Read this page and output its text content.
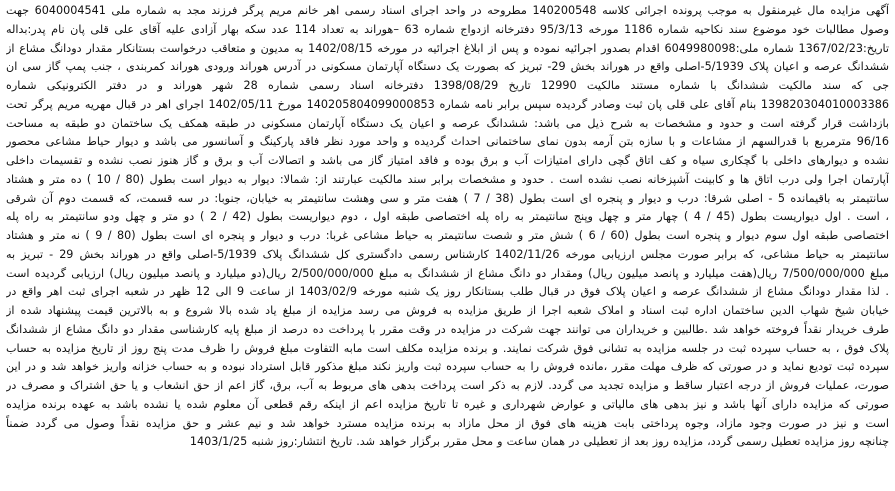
آگهی مزایده مال غیرمنقول به موجب پرونده اجرائی کلاسه 140200548 مطروحه در واحد اجرای اسناد رسمی اهر خانم مریم پرگر فرزند مجد به شماره ملی 6040004541 جهت
وصول مطالبات خود موضوع سند نکاحیه شماره 1186 مورخه 95/3/13 دفترخانه ازدواج شماره 63 –هوراند به تعداد 114 عدد سکه بهار آزادی علیه آقای علی قلی پان نام پدر:بداله
تاریخ:1367/02/23 شماره ملی:6049980098 اقدام بصدور اجرائیه نموده و پس از ابلاغ اجرائیه در مورخه 1402/08/15 به مدیون و متعاقب درخواست بستانکار مقدار دودانگ مشاع از
ششدانگ عرصه و اعیان پلاک 5/1939-اصلی واقع در هوراند بخش 29- تبریز که بصورت یک دستگاه آپارتمان مسکونی در آدرس هوراند ورودی هوراند کمربندی ، جنب پمپ گاز سی ان
جی که سند مالکیت ششدانگ با شماره مستند مالکیت 12990 تاریخ 1398/08/29 دفترخانه اسناد رسمی شماره 28 شهر هوراند و در دفتر الکترونیکی شماره
139820304010003386 بنام آقای علی قلی پان ثبت وصادر گردیده سپس برابر نامه شماره 140205804099000853 مورخ 1402/05/11 اجرای اهر در قبال مهریه مریم پرگر تحت
بازداشت قرار گرفته است و حدود و مشخصات به شرح ذیل می باشد: ششدانگ عرصه و اعیان یک دستگاه آپارتمان مسکونی در طبقه همکف یک ساختمان دو طبقه به مساحت
96/16 مترمربع با قدرالسهم از مشاعات و با سازه بتن آرمه بدون نمای ساختمانی احداث گردیده و واحد مورد نظر فاقد پارکینگ و آسانسور می باشد و دیوار حیاط مشاعی محصور
نشده و دیوارهای داخلی با گچکاری سیاه و کف اتاق گچی دارای امتیازات آب و برق بوده و فاقد امتیاز گاز می باشد و اتصالات آب و برق و گاز هنوز نصب نشده و تقسیمات داخلی
آپارتمان اجرا ولی درب اتاق ها و کابینت آشپزخانه نصب نشده است . حدود و مشخصات برابر سند مالکیت عبارتند از: شمالا: دیوار به دیوار است بطول (80 / 10 ) ده متر و هشتاد
سانتیمتر به باقیمانده 5 - اصلی شرقا: درب و دیوار و پنجره ای است بطول (38 / 7 ) هفت متر و سی وهشت سانتیمتر به خیابان، جنوبا: در سه قسمت، که قسمت دوم آن شرقی
، است . اول دیواریست بطول (45 / 4 ) چهار متر و چهل وپنج سانتیمتر به راه پله اختصاصی طبقه اول ، دوم دیواریست بطول (42 / 2 ) دو متر و چهل ودو سانتیمتر به راه پله
اختصاصی طبقه اول سوم دیوار و پنجره است بطول (60 / 6 ) شش متر و شصت سانتیمتر به حیاط مشاعی غربا: درب و دیوار و پنجره ای است بطول (80 / 9 ) نه متر و هشتاد
سانتیمتر به حیاط مشاعی، که برابر صورت مجلس ارزیابی مورخه 1402/11/26 کارشناس رسمی دادگستری کل ششدانگ پلاک 5/1939-اصلی واقع در هوراند بخش 29 - تبریز به
مبلغ 7/500/000/000 ریال(هفت میلیارد و پانصد میلیون ریال) ومقدار دو دانگ مشاع از ششدانگ به مبلغ 2/500/000/000 ریال(دو میلیارد و پانصد میلیون ریال) ارزیابی گردیده است
. لذا مقدار دودانگ مشاع از ششدانگ عرصه و اعیان پلاک فوق در قبال طلب بستانکار روز یک شنبه مورخه 1403/02/9 از ساعت 9 الی 12 ظهر در شعبه اجرای ثبت اهر واقع در
خیابان شیخ شهاب الدین ساختمان اداره ثبت اسناد و املاک شعبه اجرا از طریق مزایده به فروش می رسد مزایده از مبلغ یاد شده بالا شروع و به بالاترین قیمت پیشنهاد شده از
طرف خریدار نقداً فروخته خواهد شد .طالبین و خریداران می توانند جهت شرکت در مزایده در وقت مقرر با پرداخت ده درصد از مبلغ پایه کارشناسی مقدار دو دانگ مشاع از ششدانگ
پلاک فوق ، به حساب سپرده ثبت در جلسه مزایده به تشانی فوق شرکت نمایند. و برنده مزایده مکلف است مابه التفاوت مبلغ فروش را ظرف مدت پنج روز از تاریخ مزایده به حساب
سپرده ثبت تودیع نماید و در صورتی که ظرف مهلت مقرر ،مانده فروش را به حساب سپرده ثبت واریز نکند مبلغ مذکور قابل استرداد نبوده و به حساب خزانه واریز خواهد شد و در این
صورت، عملیات فروش از درجه اعتبار ساقط و مزایده تجدید می گردد. لازم به ذکر است پرداخت بدهی های مربوط به آب، برق، گاز اعم از حق انشعاب و یا حق اشتراک و مصرف در
صورتی که مزایده دارای آنها باشد و نیز بدهی های مالیاتی و عوارض شهرداری و غیره تا تاریخ مزایده اعم از اینکه رقم قطعی آن معلوم شده یا نشده باشد به عهده برنده مزایده
است و نیز در صورت وجود مازاد، وجوه پرداختی بابت هزینه های فوق از محل مازاد به برنده مزایده مسترد خواهد شد و نیم عشر و حق مزایده نقداً وصول می گردد ضمناً
چنانچه روز مزایده تعطیل رسمی گردد، مزایده روز بعد از تعطیلی در همان ساعت و محل مقرر برگزار خواهد شد. تاریخ انتشار:روز شنبه 1403/1/25
